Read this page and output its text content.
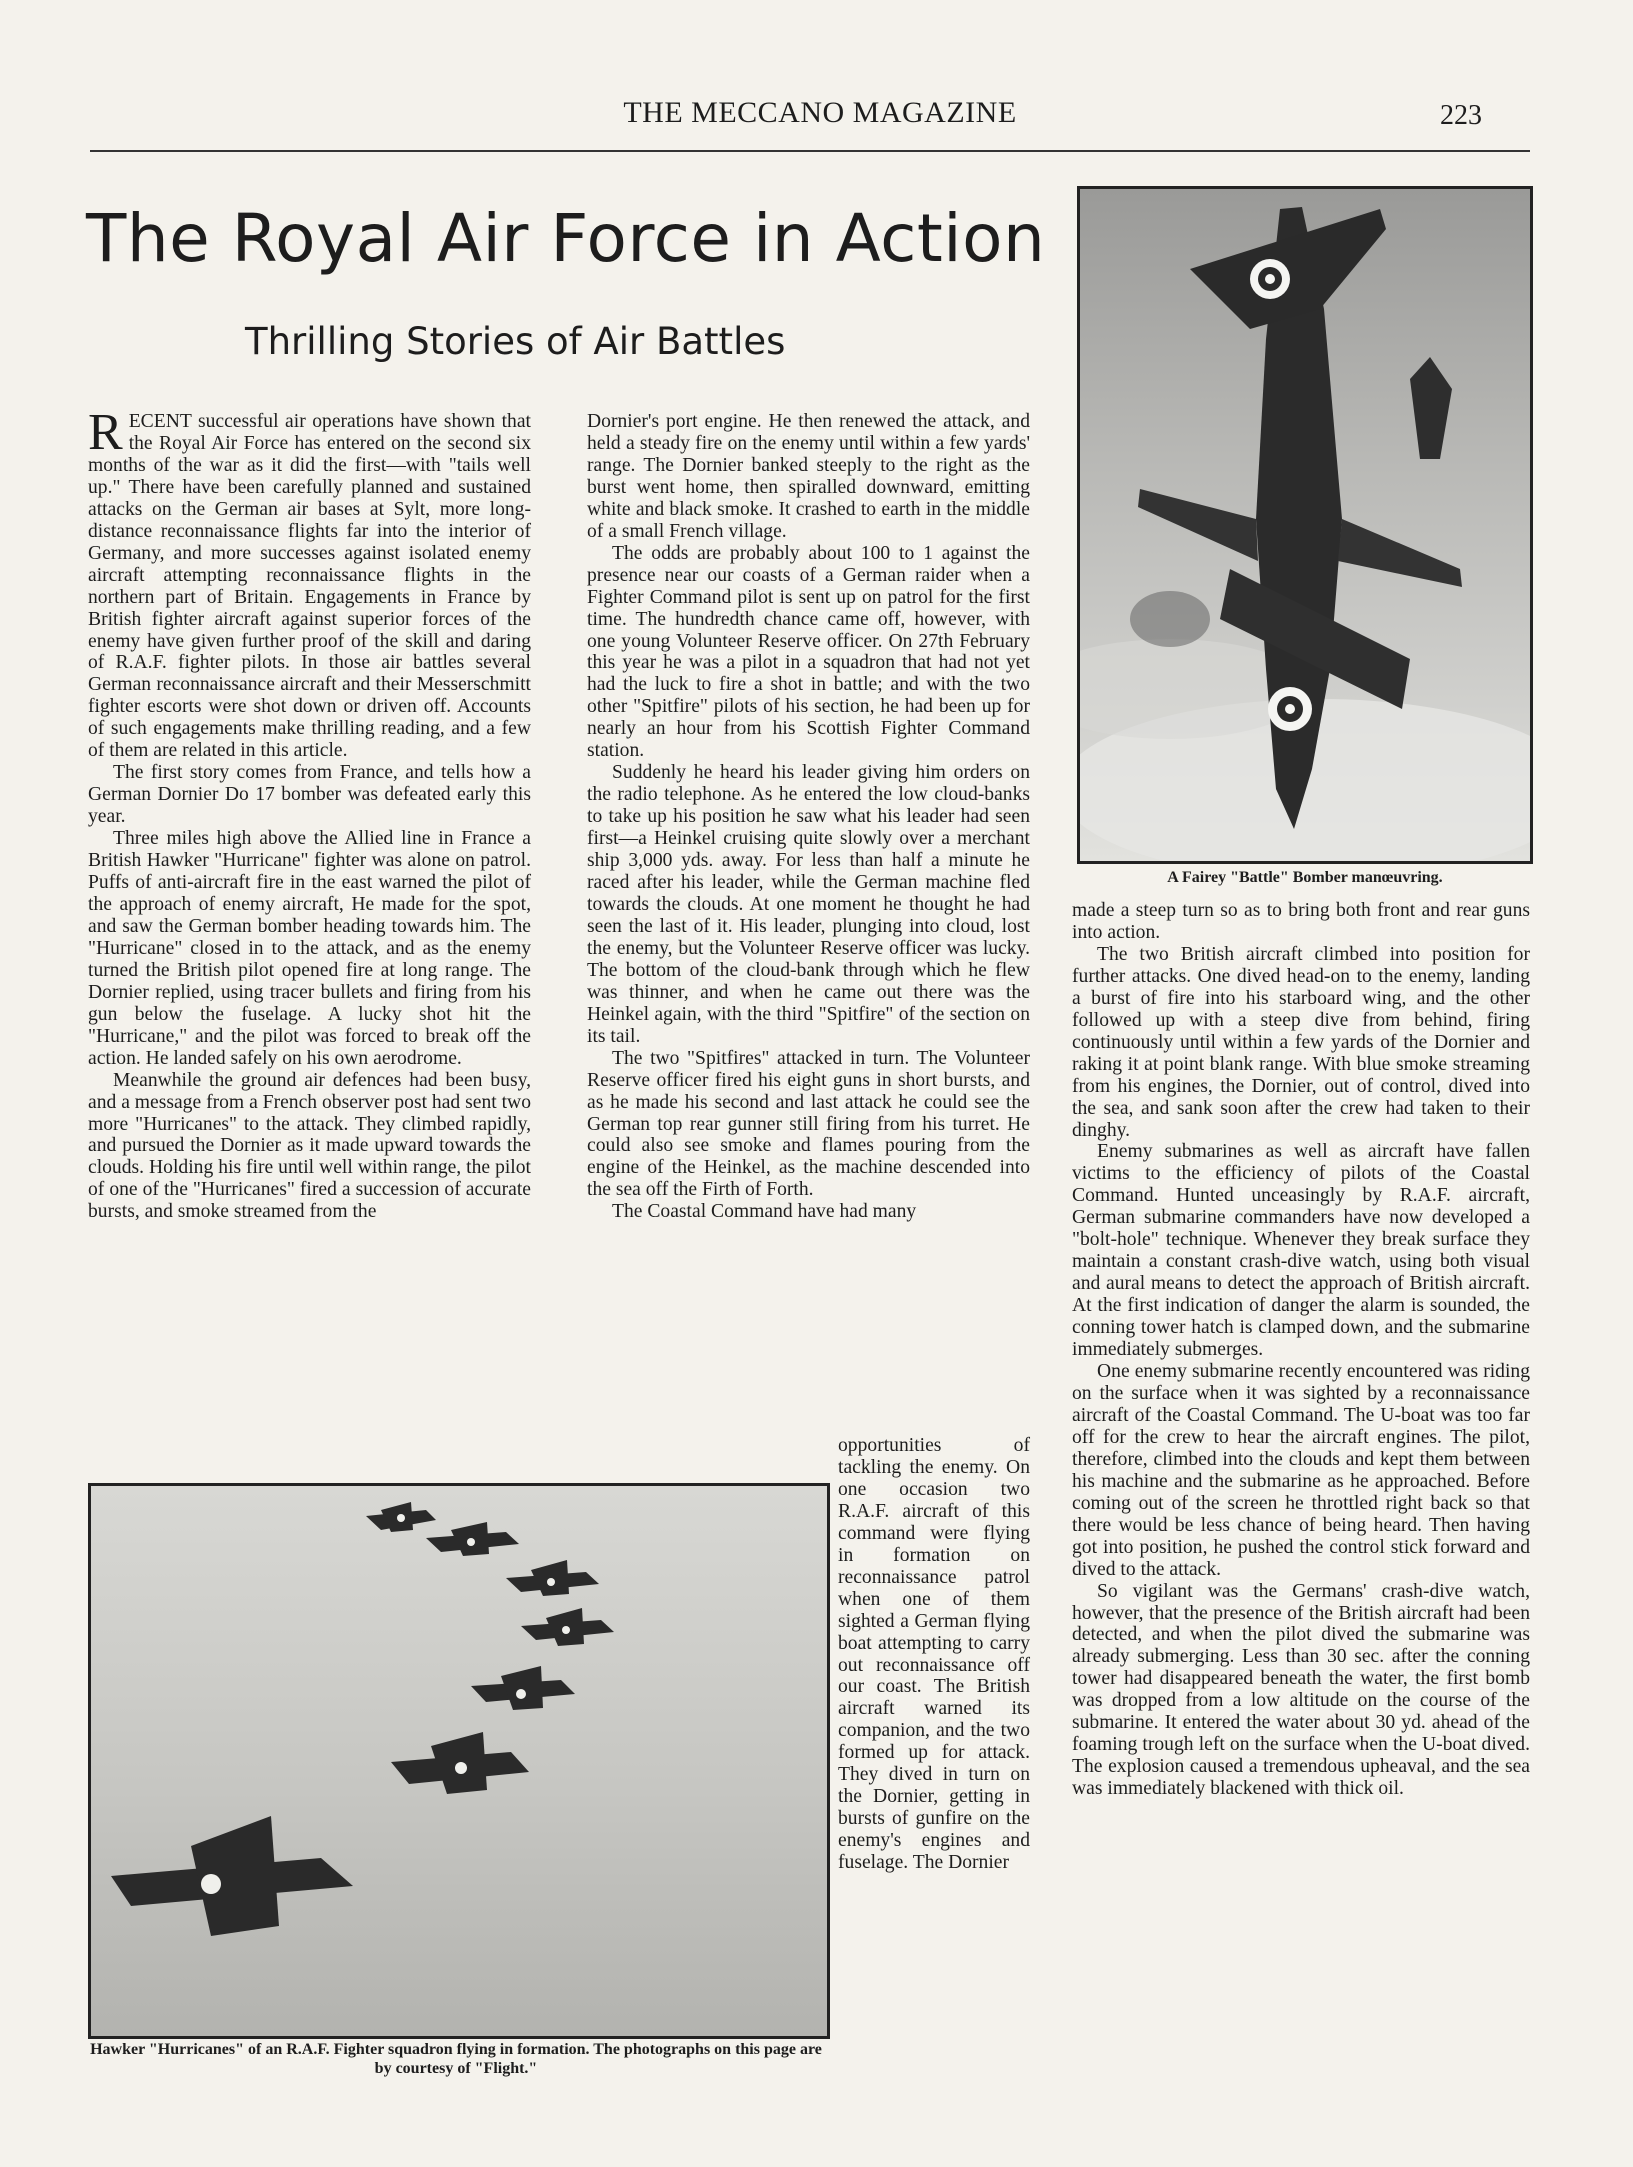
THE MECCANO MAGAZINE	223
The Royal Air Force in Action
Thrilling Stories of Air Battles

RECENT successful air operations have shown that the Royal Air Force has entered on the second six months of the war as it did the first—with "tails well up." There have been carefully planned and sustained attacks on the German air bases at Sylt, more long-distance reconnaissance flights far into the interior of Germany, and more successes against isolated enemy aircraft attempting reconnaissance flights in the northern part of Britain. Engagements in France by British fighter aircraft against superior forces of the enemy have given further proof of the skill and daring of R.A.F. fighter pilots. In those air battles several German reconnaissance aircraft and their Messerschmitt fighter escorts were shot down or driven off. Accounts of such engagements make thrilling reading, and a few of them are related in this article.

The first story comes from France, and tells how a German Dornier Do 17 bomber was defeated early this year.

Three miles high above the Allied line in France a British Hawker "Hurricane" fighter was alone on patrol. Puffs of anti-aircraft fire in the east warned the pilot of the approach of enemy aircraft, He made for the spot, and saw the German bomber heading towards him. The "Hurricane" closed in to the attack, and as the enemy turned the British pilot opened fire at long range. The Dornier replied, using tracer bullets and firing from his gun below the fuselage. A lucky shot hit the "Hurricane," and the pilot was forced to break off the action. He landed safely on his own aerodrome.

Meanwhile the ground air defences had been busy, and a message from a French observer post had sent two more "Hurricanes" to the attack. They climbed rapidly, and pursued the Dornier as it made upward towards the clouds. Holding his fire until well within range, the pilot of one of the "Hurricanes" fired a succession of accurate bursts, and smoke streamed from the

Dornier's port engine. He then renewed the attack, and held a steady fire on the enemy until within a few yards' range. The Dornier banked steeply to the right as the burst went home, then spiralled downward, emitting white and black smoke. It crashed to earth in the middle of a small French village.

The odds are probably about 100 to 1 against the presence near our coasts of a German raider when a Fighter Command pilot is sent up on patrol for the first time. The hundredth chance came off, however, with one young Volunteer Reserve officer. On 27th February this year he was a pilot in a squadron that had not yet had the luck to fire a shot in battle; and with the two other "Spitfire" pilots of his section, he had been up for nearly an hour from his Scottish Fighter Command station.

Suddenly he heard his leader giving him orders on the radio telephone. As he entered the low cloud-banks to take up his position he saw what his leader had seen first—a Heinkel cruising quite slowly over a merchant ship 3,000 yds. away. For less than half a minute he raced after his leader, while the German machine fled towards the clouds. At one moment he thought he had seen the last of it. His leader, plunging into cloud, lost the enemy, but the Volunteer Reserve officer was lucky. The bottom of the cloud-bank through which he flew was thinner, and when he came out there was the Heinkel again, with the third "Spitfire" of the section on its tail.

The two "Spitfires" attacked in turn. The Volunteer Reserve officer fired his eight guns in short bursts, and as he made his second and last attack he could see the German top rear gunner still firing from his turret. He could also see smoke and flames pouring from the engine of the Heinkel, as the machine descended into the sea off the Firth of Forth.

The Coastal Command have had many

opportunities of tackling the enemy. On one occasion two R.A.F. aircraft of this command were flying in formation on reconnaissance patrol when one of them sighted a German flying boat attempting to carry out reconnaissance off our coast. The British aircraft warned its companion, and the two formed up for attack. They dived in turn on the Dornier, getting in bursts of gunfire on the enemy's engines and fuselage. The Dornier

made a steep turn so as to bring both front and rear guns into action.

The two British aircraft climbed into position for further attacks. One dived head-on to the enemy, landing a burst of fire into his starboard wing, and the other followed up with a steep dive from behind, firing continuously until within a few yards of the Dornier and raking it at point blank range. With blue smoke streaming from his engines, the Dornier, out of control, dived into the sea, and sank soon after the crew had taken to their dinghy.

Enemy submarines as well as aircraft have fallen victims to the efficiency of pilots of the Coastal Command. Hunted unceasingly by R.A.F. aircraft, German submarine commanders have now developed a "bolt-hole" technique. Whenever they break surface they maintain a constant crash-dive watch, using both visual and aural means to detect the approach of British aircraft. At the first indication of danger the alarm is sounded, the conning tower hatch is clamped down, and the submarine immediately submerges.

One enemy submarine recently encountered was riding on the surface when it was sighted by a reconnaissance aircraft of the Coastal Command. The U-boat was too far off for the crew to hear the aircraft engines. The pilot, therefore, climbed into the clouds and kept them between his machine and the submarine as he approached. Before coming out of the screen he throttled right back so that there would be less chance of being heard. Then having got into position, he pushed the control stick forward and dived to the attack.

So vigilant was the Germans' crash-dive watch, however, that the presence of the British aircraft had been detected, and when the pilot dived the submarine was already submerging. Less than 30 sec. after the conning tower had disappeared beneath the water, the first bomb was dropped from a low altitude on the course of the submarine. It entered the water about 30 yd. ahead of the foaming trough left on the surface when the U-boat dived. The explosion caused a tremendous upheaval, and the sea was immediately blackened with thick oil.

A Fairey "Battle" Bomber manœuvring.
Hawker "Hurricanes" of an R.A.F. Fighter squadron flying in formation. The photographs on this page are by courtesy of "Flight."
